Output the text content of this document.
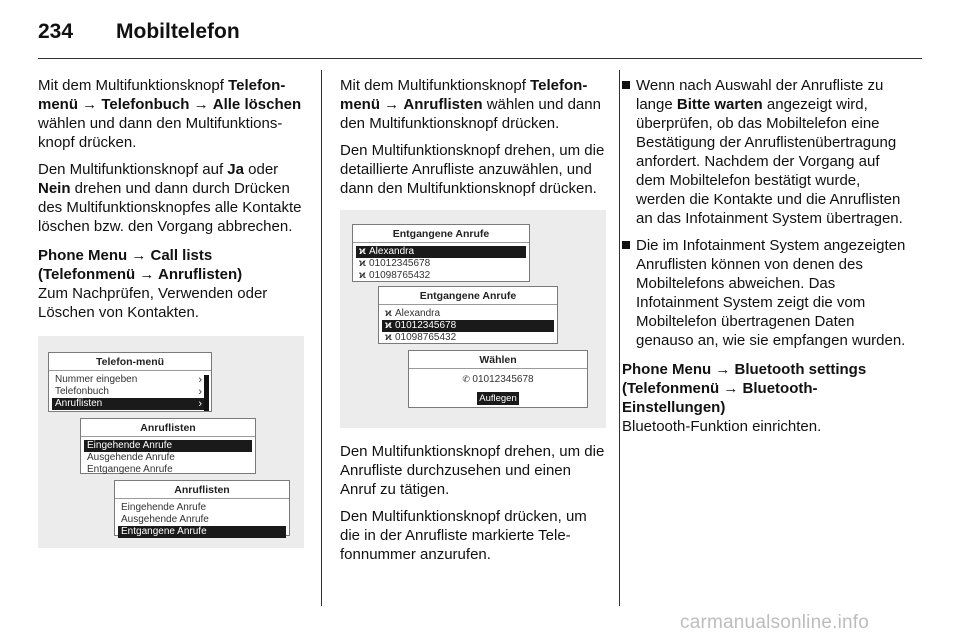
234 Mobiltelefon

Mit dem Multifunktionsknopf Telefonmenü → Telefonbuch → Alle löschen wählen und dann den Multifunktionsknopf drücken.

Den Multifunktionsknopf auf Ja oder Nein drehen und dann durch Drücken des Multifunktionsknopfes alle Kontakte löschen bzw. den Vorgang abbrechen.

Phone Menu → Call lists
(Telefonmenü → Anruflisten)
Zum Nachprüfen, Verwenden oder Löschen von Kontakten.
Telefon-menü
Nummer eingeben	›
Telefonbuch	›
Anruflisten	›
Anruflisten
Eingehende Anrufe
Ausgehende Anrufe
Entgangene Anrufe
Anruflisten
Eingehende Anrufe
Ausgehende Anrufe
Entgangene Anrufe

Mit dem Multifunktionsknopf Telefonmenü → Anruflisten wählen und dann den Multifunktionsknopf drücken.

Den Multifunktionsknopf drehen, um die detaillierte Anrufliste anzuwählen, und dann den Multifunktionsknopf drücken.

Entgangene Anrufe
ϰ Alexandra
ϰ 01012345678
ϰ 01098765432
Entgangene Anrufe
ϰ Alexandra
ϰ 01012345678
ϰ 01098765432
Wählen
✆ 01012345678
Auflegen

Den Multifunktionsknopf drehen, um die Anrufliste durchzusehen und einen Anruf zu tätigen.

Den Multifunktionsknopf drücken, um die in der Anrufliste markierte Telefonnummer anzurufen.

Wenn nach Auswahl der Anrufliste zu lange Bitte warten angezeigt wird, überprüfen, ob das Mobiltelefon eine Bestätigung der Anruflistenübertragung anfordert. Nachdem der Vorgang auf dem Mobiltelefon bestätigt wurde, werden die Kontakte und die Anruflisten an das Infotainment System übertragen.
Die im Infotainment System angezeigten Anruflisten können von denen des Mobiltelefons abweichen. Das Infotainment System zeigt die vom Mobiltelefon übertragenen Daten genauso an, wie sie empfangen wurden.
Phone Menu → Bluetooth settings
(Telefonmenü → Bluetooth-
Einstellungen)
Bluetooth-Funktion einrichten.
carmanualsonline.info
